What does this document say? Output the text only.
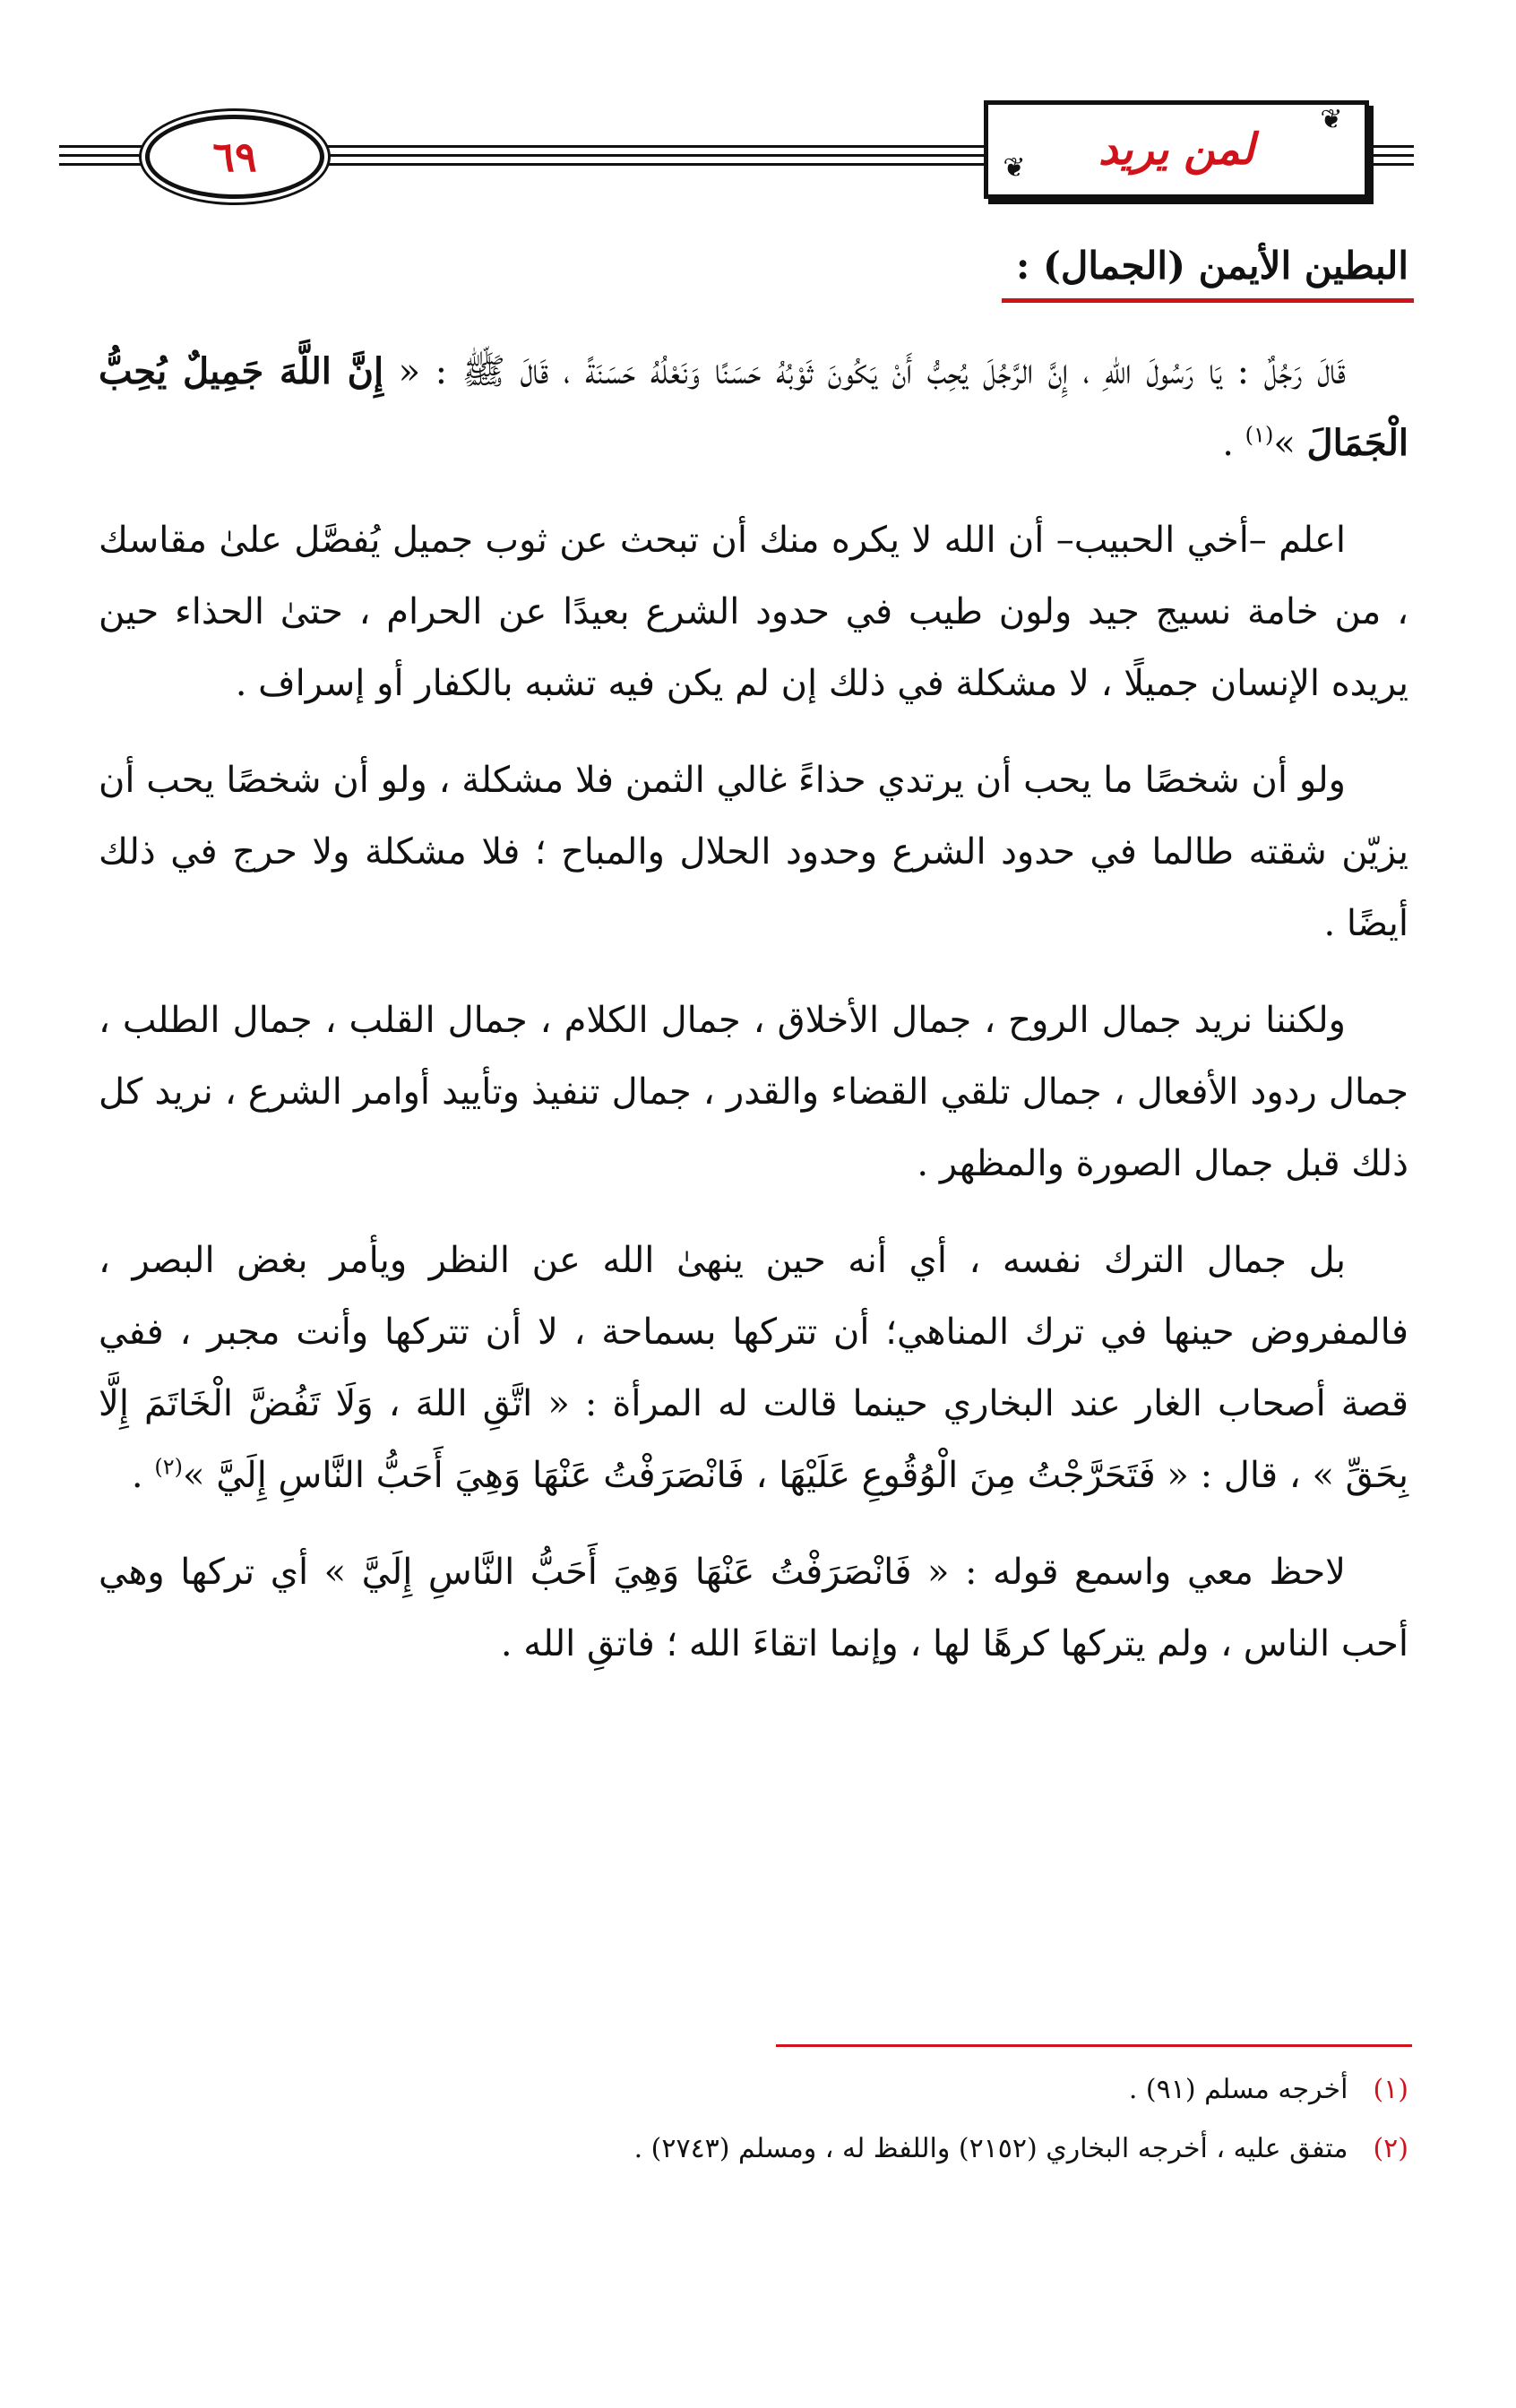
٦٩	لمن يريد
❦
❦
البطين الأيمن (الجمال) :

قَالَ رَجُلٌ : يَا رَسُولَ اللهِ ، إِنَّ الرَّجُلَ يُحِبُّ أَنْ يَكُونَ ثَوْبُهُ حَسَنًا وَنَعْلُهُ حَسَنَةً ، قَالَ ﷺ : « إِنَّ اللَّهَ جَمِيلٌ يُحِبُّ الْجَمَالَ »$^{(١)}$ .

اعلم –أخي الحبيب– أن الله لا يكره منك أن تبحث عن ثوب جميل يُفصَّل علىٰ مقاسك ، من خامة نسيج جيد ولون طيب في حدود الشرع بعيدًا عن الحرام ، حتىٰ الحذاء حين يريده الإنسان جميلًا ، لا مشكلة في ذلك إن لم يكن فيه تشبه بالكفار أو إسراف .

ولو أن شخصًا ما يحب أن يرتدي حذاءً غالي الثمن فلا مشكلة ، ولو أن شخصًا يحب أن يزيّن شقته طالما في حدود الشرع وحدود الحلال والمباح ؛ فلا مشكلة ولا حرج في ذلك أيضًا .

ولكننا نريد جمال الروح ، جمال الأخلاق ، جمال الكلام ، جمال القلب ، جمال الطلب ، جمال ردود الأفعال ، جمال تلقي القضاء والقدر ، جمال تنفيذ وتأييد أوامر الشرع ، نريد كل ذلك قبل جمال الصورة والمظهر .

بل جمال الترك نفسه ، أي أنه حين ينهىٰ الله عن النظر ويأمر بغض البصر ، فالمفروض حينها في ترك المناهي؛ أن تتركها بسماحة ، لا أن تتركها وأنت مجبر ، ففي قصة أصحاب الغار عند البخاري حينما قالت له المرأة : « اتَّقِ اللهَ ، وَلَا تَفُضَّ الْخَاتَمَ إِلَّا بِحَقِّ » ، قال : « فَتَحَرَّجْتُ مِنَ الْوُقُوعِ عَلَيْهَا ، فَانْصَرَفْتُ عَنْهَا وَهِيَ أَحَبُّ النَّاسِ إِلَيَّ »$^{(٢)}$ .

لاحظ معي واسمع قوله : « فَانْصَرَفْتُ عَنْهَا وَهِيَ أَحَبُّ النَّاسِ إِلَيَّ » أي تركها وهي أحب الناس ، ولم يتركها كرهًا لها ، وإنما اتقاءَ الله ؛ فاتقِ الله .

(١)أخرجه مسلم (٩١) .
(٢)متفق عليه ، أخرجه البخاري (٢١٥٢) واللفظ له ، ومسلم (٢٧٤٣) .
